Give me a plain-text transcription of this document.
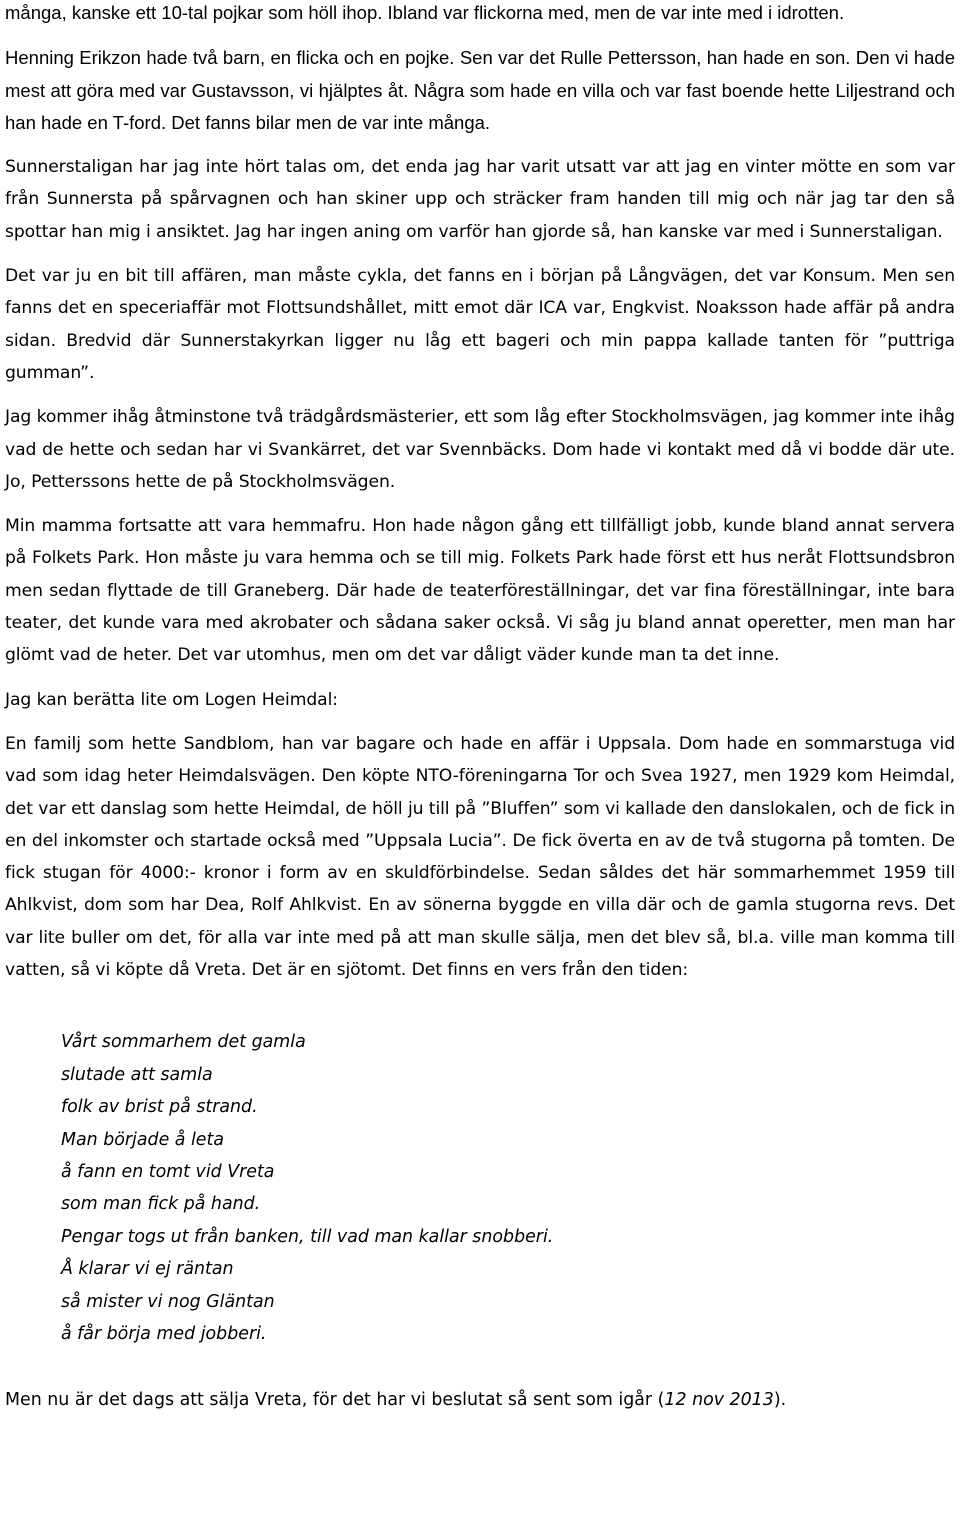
många, kanske ett 10-tal pojkar som höll ihop. Ibland var flickorna med, men de var inte med i idrotten.

Henning Erikzon hade två barn, en flicka och en pojke. Sen var det Rulle Pettersson, han hade en son. Den vi hade mest att göra med var Gustavsson, vi hjälptes åt. Några som hade en villa och var fast boende hette Liljestrand och han hade en T-ford. Det fanns bilar men de var inte många.

Sunnerstaligan har jag inte hört talas om, det enda jag har varit utsatt var att jag en vinter mötte en som var från Sunnersta på spårvagnen och han skiner upp och sträcker fram handen till mig och när jag tar den så spottar han mig i ansiktet. Jag har ingen aning om varför han gjorde så, han kanske var med i Sunnerstaligan.

Det var ju en bit till affären, man måste cykla, det fanns en i början på Långvägen, det var Konsum. Men sen fanns det en speceriaffär mot Flottsundshållet, mitt emot där ICA var, Engkvist. Noaksson hade affär på andra sidan. Bredvid där Sunnerstakyrkan ligger nu låg ett bageri och min pappa kallade tanten för ”puttriga gumman”.

Jag kommer ihåg åtminstone två trädgårdsmästerier, ett som låg efter Stockholmsvägen, jag kommer inte ihåg vad de hette och sedan har vi Svankärret, det var Svennbäcks. Dom hade vi kontakt med då vi bodde där ute. Jo, Petterssons hette de på Stockholmsvägen.

Min mamma fortsatte att vara hemmafru. Hon hade någon gång ett tillfälligt jobb, kunde bland annat servera på Folkets Park. Hon måste ju vara hemma och se till mig. Folkets Park hade först ett hus neråt Flottsundsbron men sedan flyttade de till Graneberg. Där hade de teaterföreställningar, det var fina föreställningar, inte bara teater, det kunde vara med akrobater och sådana saker också. Vi såg ju bland annat operetter, men man har glömt vad de heter. Det var utomhus, men om det var dåligt väder kunde man ta det inne.

Jag kan berätta lite om Logen Heimdal:

En familj som hette Sandblom, han var bagare och hade en affär i Uppsala. Dom hade en sommarstuga vid vad som idag heter Heimdalsvägen. Den köpte NTO-föreningarna Tor och Svea 1927, men 1929 kom Heimdal, det var ett danslag som hette Heimdal, de höll ju till på ”Bluffen” som vi kallade den danslokalen, och de fick in en del inkomster och startade också med ”Uppsala Lucia”. De fick överta en av de två stugorna på tomten. De fick stugan för 4000:- kronor i form av en skuldförbindelse. Sedan såldes det här sommarhemmet 1959 till Ahlkvist, dom som har Dea, Rolf Ahlkvist. En av sönerna byggde en villa där och de gamla stugorna revs. Det var lite buller om det, för alla var inte med på att man skulle sälja, men det blev så, bl.a. ville man komma till vatten, så vi köpte då Vreta. Det är en sjötomt. Det finns en vers från den tiden:

Vårt sommarhem det gamla
slutade att samla
folk av brist på strand.
Man började å leta
å fann en tomt vid Vreta
som man fick på hand.
Pengar togs ut från banken, till vad man kallar snobberi.
Å klarar vi ej räntan
så mister vi nog Gläntan
å får börja med jobberi.

Men nu är det dags att sälja Vreta, för det har vi beslutat så sent som igår (12 nov 2013).
